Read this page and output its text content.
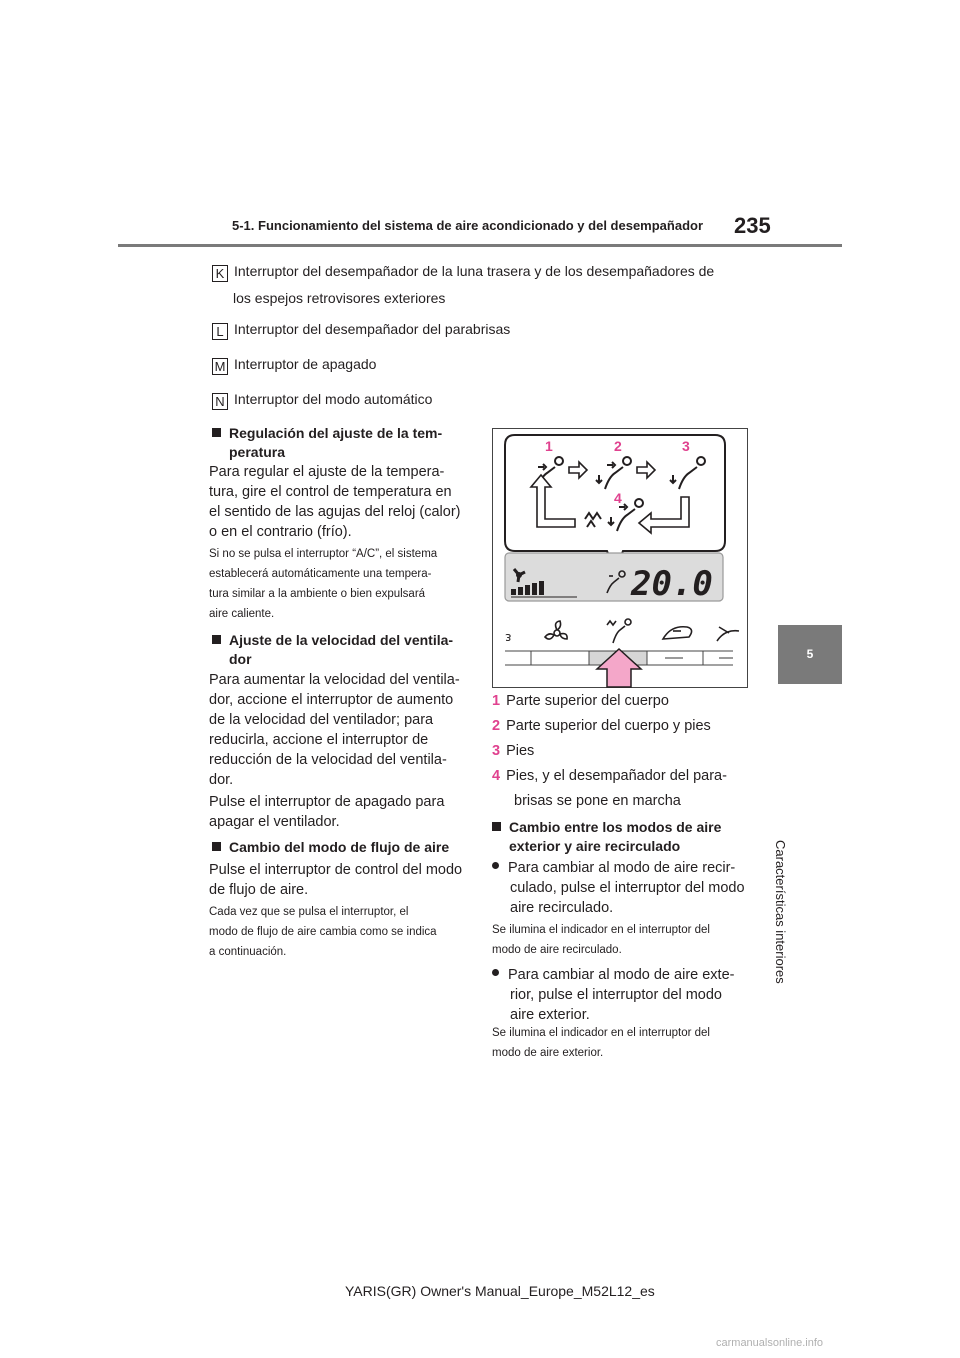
5-1. Funcionamiento del sistema de aire acondicionado y del desempañador 235
5
Características interiores
K Interruptor del desempañador de la luna trasera y de los desempañadores de
los espejos retrovisores exteriores
L Interruptor del desempañador del parabrisas
M Interruptor de apagado
N Interruptor del modo automático
Regulación del ajuste de la tem-
peratura
Para regular el ajuste de la tempera-
tura, gire el control de temperatura en
el sentido de las agujas del reloj (calor)
o en el contrario (frío).
Si no se pulsa el interruptor “A/C”, el sistema
establecerá automáticamente una tempera-
tura similar a la ambiente o bien expulsará
aire caliente.
Ajuste de la velocidad del ventila-
dor
Para aumentar la velocidad del ventila-
dor, accione el interruptor de aumento
de la velocidad del ventilador; para
reducirla, accione el interruptor de
reducción de la velocidad del ventila-
dor.
Pulse el interruptor de apagado para
apagar el ventilador.
Cambio del modo de flujo de aire
Pulse el interruptor de control del modo
de flujo de aire.
Cada vez que se pulsa el interruptor, el
modo de flujo de aire cambia como se indica
a continuación.
1	2	3
4
20.0
ᴈ
1 Parte superior del cuerpo
2 Parte superior del cuerpo y pies
3 Pies
4 Pies, y el desempañador del para-
brisas se pone en marcha
Cambio entre los modos de aire
exterior y aire recirculado
Para cambiar al modo de aire recir-
culado, pulse el interruptor del modo
aire recirculado.
Se ilumina el indicador en el interruptor del
modo de aire recirculado.
Para cambiar al modo de aire exte-
rior, pulse el interruptor del modo
aire exterior.
Se ilumina el indicador en el interruptor del
modo de aire exterior.
YARIS(GR) Owner's Manual_Europe_M52L12_es
carmanualsonline.info
